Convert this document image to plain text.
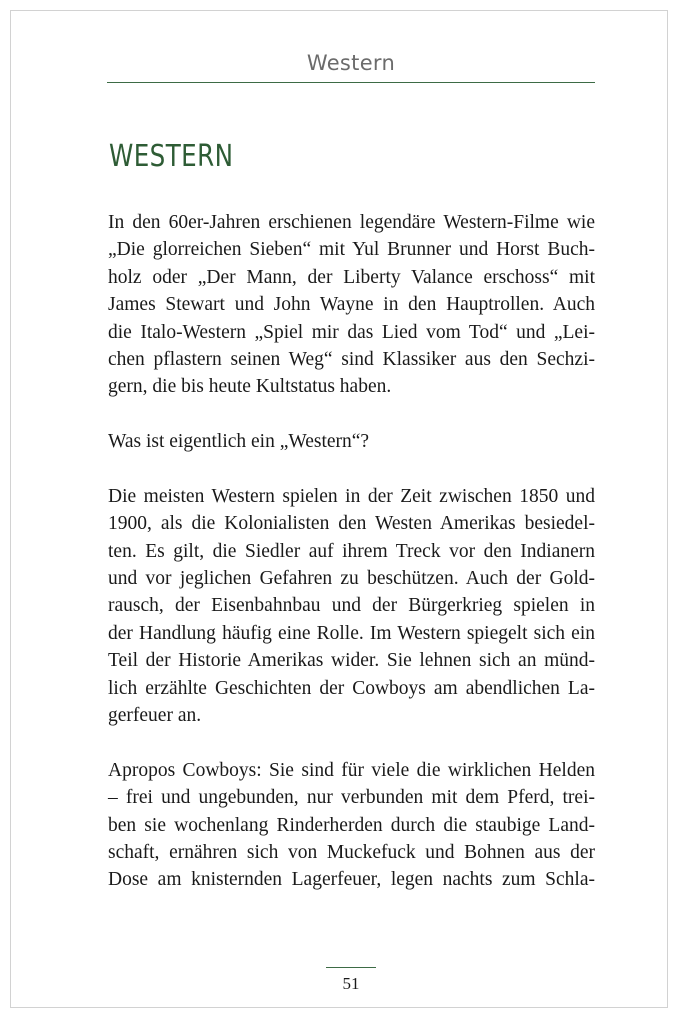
Western
WESTERN
In den 60er-Jahren erschienen legendäre Western-Filme wie
„Die glorreichen Sieben“ mit Yul Brunner und Horst Buch-
holz oder „Der Mann, der Liberty Valance erschoss“ mit
James Stewart und John Wayne in den Hauptrollen. Auch
die Italo-Western „Spiel mir das Lied vom Tod“ und „Lei-
chen pflastern seinen Weg“ sind Klassiker aus den Sechzi-
gern, die bis heute Kultstatus haben.
Was ist eigentlich ein „Western“?
Die meisten Western spielen in der Zeit zwischen 1850 und
1900, als die Kolonialisten den Westen Amerikas besiedel-
ten. Es gilt, die Siedler auf ihrem Treck vor den Indianern
und vor jeglichen Gefahren zu beschützen. Auch der Gold-
rausch, der Eisenbahnbau und der Bürgerkrieg spielen in
der Handlung häufig eine Rolle. Im Western spiegelt sich ein
Teil der Historie Amerikas wider. Sie lehnen sich an münd-
lich erzählte Geschichten der Cowboys am abendlichen La-
gerfeuer an.
Apropos Cowboys: Sie sind für viele die wirklichen Helden
– frei und ungebunden, nur verbunden mit dem Pferd, trei-
ben sie wochenlang Rinderherden durch die staubige Land-
schaft, ernähren sich von Muckefuck und Bohnen aus der
Dose am knisternden Lagerfeuer, legen nachts zum Schla-
51
